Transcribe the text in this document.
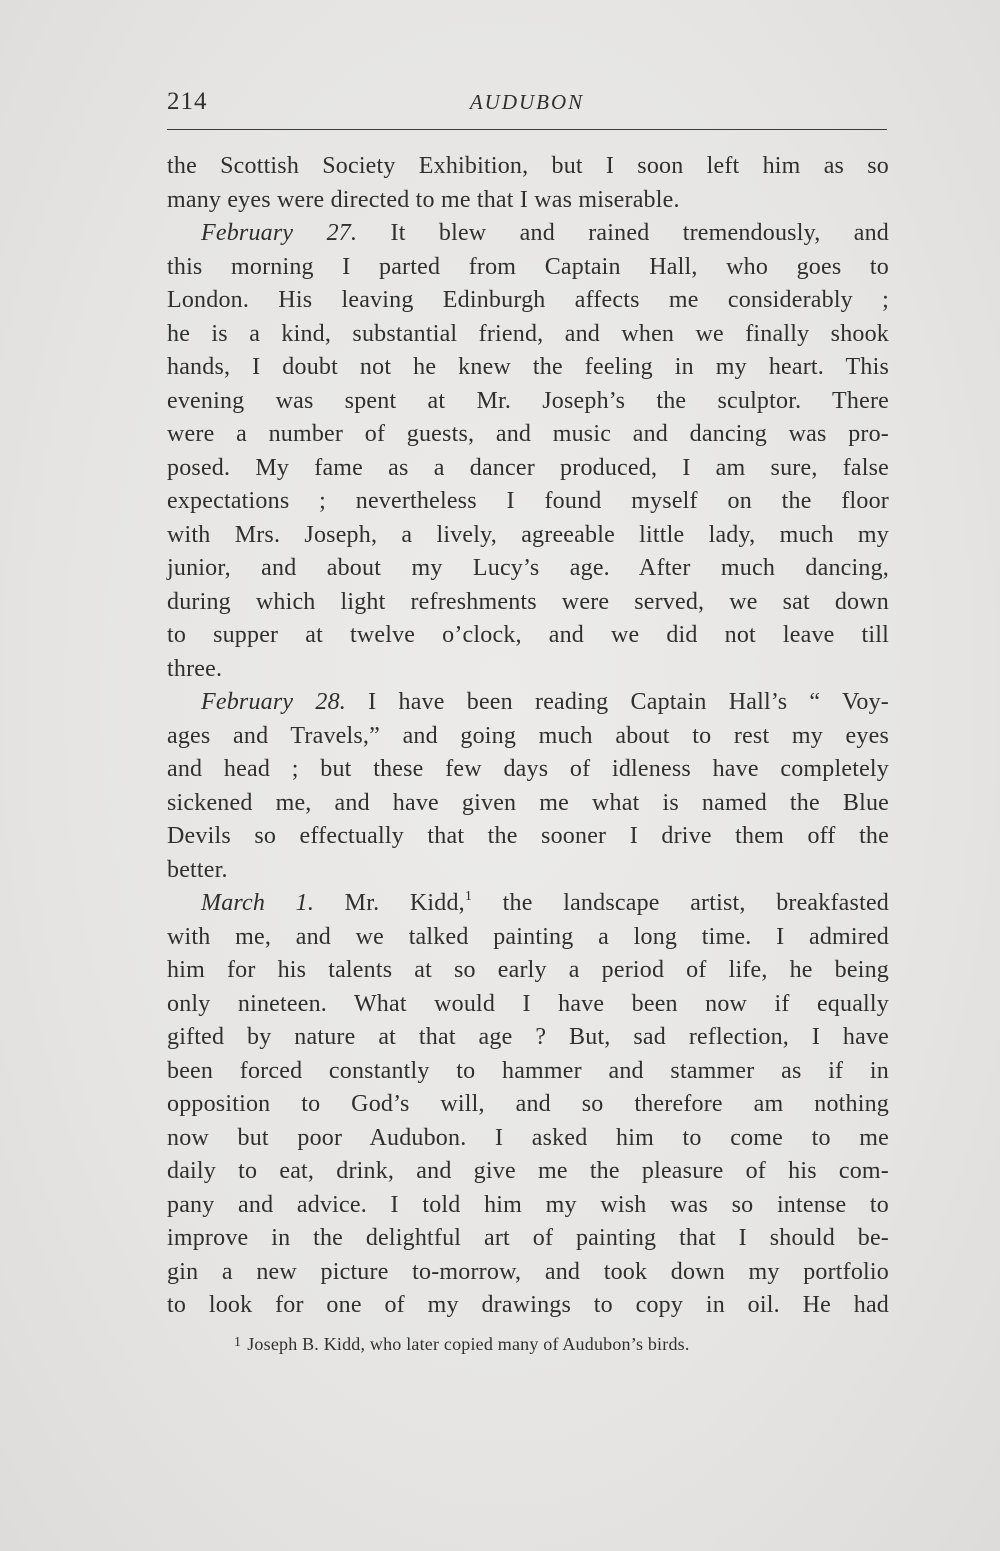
214	AUDUBON
the Scottish Society Exhibition, but I soon left him as so
many eyes were directed to me that I was miserable.
February 27. It blew and rained tremendously, and
this morning I parted from Captain Hall, who goes to
London. His leaving Edinburgh affects me considerably ;
he is a kind, substantial friend, and when we finally shook
hands, I doubt not he knew the feeling in my heart. This
evening was spent at Mr. Joseph’s the sculptor. There
were a number of guests, and music and dancing was pro-
posed. My fame as a dancer produced, I am sure, false
expectations ; nevertheless I found myself on the floor
with Mrs. Joseph, a lively, agreeable little lady, much my
junior, and about my Lucy’s age. After much dancing,
during which light refreshments were served, we sat down
to supper at twelve o’clock, and we did not leave till
three.
February 28. I have been reading Captain Hall’s “ Voy-
ages and Travels,” and going much about to rest my eyes
and head ; but these few days of idleness have completely
sickened me, and have given me what is named the Blue
Devils so effectually that the sooner I drive them off the
better.
March 1. Mr. Kidd,$^1$ the landscape artist, breakfasted
with me, and we talked painting a long time. I admired
him for his talents at so early a period of life, he being
only nineteen. What would I have been now if equally
gifted by nature at that age ? But, sad reflection, I have
been forced constantly to hammer and stammer as if in
opposition to God’s will, and so therefore am nothing
now but poor Audubon. I asked him to come to me
daily to eat, drink, and give me the pleasure of his com-
pany and advice. I told him my wish was so intense to
improve in the delightful art of painting that I should be-
gin a new picture to-morrow, and took down my portfolio
to look for one of my drawings to copy in oil. He had
$^1$ Joseph B. Kidd, who later copied many of Audubon’s birds.
